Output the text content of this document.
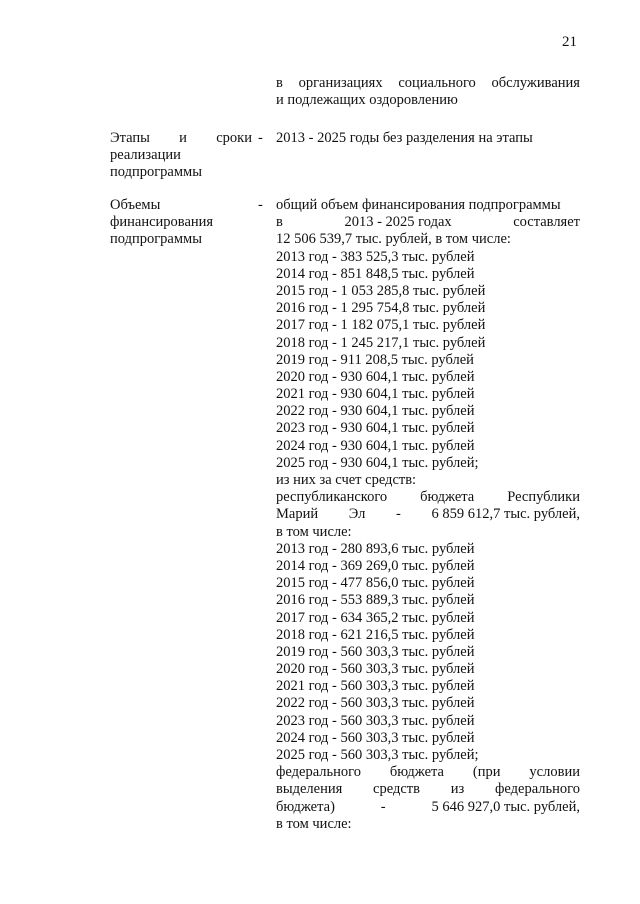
21
в организациях социального обслуживания
и подлежащих оздоровлению
Этапы и сроки
реализации
подпрограммы
- 2013 - 2025 годы без разделения на этапы
Объемы
финансирования
подпрограммы
- общий объем финансирования подпрограммы
в	2013 - 2025 годах	составляет
12 506 539,7 тыс. рублей, в том числе:
2013 год - 383 525,3 тыс. рублей
2014 год - 851 848,5 тыс. рублей
2015 год - 1 053 285,8 тыс. рублей
2016 год - 1 295 754,8 тыс. рублей
2017 год - 1 182 075,1 тыс. рублей
2018 год - 1 245 217,1 тыс. рублей
2019 год - 911 208,5 тыс. рублей
2020 год - 930 604,1 тыс. рублей
2021 год - 930 604,1 тыс. рублей
2022 год - 930 604,1 тыс. рублей
2023 год - 930 604,1 тыс. рублей
2024 год - 930 604,1 тыс. рублей
2025 год - 930 604,1 тыс. рублей;
из них за счет средств:
республиканского бюджета Республики
Марий Эл - 6 859 612,7 тыс. рублей,
в том числе:
2013 год - 280 893,6 тыс. рублей
2014 год - 369 269,0 тыс. рублей
2015 год - 477 856,0 тыс. рублей
2016 год - 553 889,3 тыс. рублей
2017 год - 634 365,2 тыс. рублей
2018 год - 621 216,5 тыс. рублей
2019 год - 560 303,3 тыс. рублей
2020 год - 560 303,3 тыс. рублей
2021 год - 560 303,3 тыс. рублей
2022 год - 560 303,3 тыс. рублей
2023 год - 560 303,3 тыс. рублей
2024 год - 560 303,3 тыс. рублей
2025 год - 560 303,3 тыс. рублей;
федерального бюджета (при условии
выделения средств из федерального
бюджета)	-	5 646 927,0 тыс. рублей,
в том числе:
